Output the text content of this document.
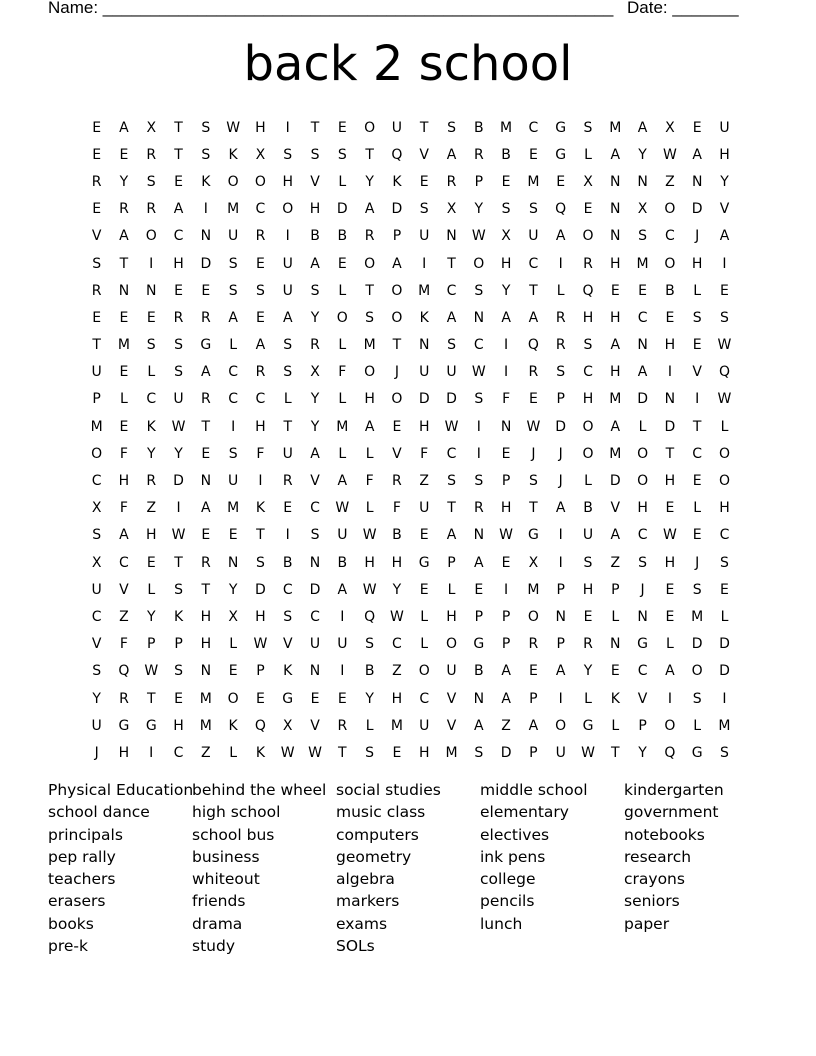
Name: ______________________________________________________ Date: _______
back 2 school
E	A	X	T	S	W	H	I	T	E	O	U	T	S	B	M	C	G	S	M	A	X	E	U
E	E	R	T	S	K	X	S	S	S	T	Q	V	A	R	B	E	G	L	A	Y	W	A	H
R	Y	S	E	K	O	O	H	V	L	Y	K	E	R	P	E	M	E	X	N	N	Z	N	Y
E	R	R	A	I	M	C	O	H	D	A	D	S	X	Y	S	S	Q	E	N	X	O	D	V
V	A	O	C	N	U	R	I	B	B	R	P	U	N	W	X	U	A	O	N	S	C	J	A
S	T	I	H	D	S	E	U	A	E	O	A	I	T	O	H	C	I	R	H	M	O	H	I
R	N	N	E	E	S	S	U	S	L	T	O	M	C	S	Y	T	L	Q	E	E	B	L	E
E	E	E	R	R	A	E	A	Y	O	S	O	K	A	N	A	A	R	H	H	C	E	S	S
T	M	S	S	G	L	A	S	R	L	M	T	N	S	C	I	Q	R	S	A	N	H	E	W
U	E	L	S	A	C	R	S	X	F	O	J	U	U	W	I	R	S	C	H	A	I	V	Q
P	L	C	U	R	C	C	L	Y	L	H	O	D	D	S	F	E	P	H	M	D	N	I	W
M	E	K	W	T	I	H	T	Y	M	A	E	H	W	I	N	W	D	O	A	L	D	T	L
O	F	Y	Y	E	S	F	U	A	L	L	V	F	C	I	E	J	J	O	M	O	T	C	O
C	H	R	D	N	U	I	R	V	A	F	R	Z	S	S	P	S	J	L	D	O	H	E	O
X	F	Z	I	A	M	K	E	C	W	L	F	U	T	R	H	T	A	B	V	H	E	L	H
S	A	H	W	E	E	T	I	S	U	W	B	E	A	N	W	G	I	U	A	C	W	E	C
X	C	E	T	R	N	S	B	N	B	H	H	G	P	A	E	X	I	S	Z	S	H	J	S
U	V	L	S	T	Y	D	C	D	A	W	Y	E	L	E	I	M	P	H	P	J	E	S	E
C	Z	Y	K	H	X	H	S	C	I	Q	W	L	H	P	P	O	N	E	L	N	E	M	L
V	F	P	P	H	L	W	V	U	U	S	C	L	O	G	P	R	P	R	N	G	L	D	D
S	Q	W	S	N	E	P	K	N	I	B	Z	O	U	B	A	E	A	Y	E	C	A	O	D
Y	R	T	E	M	O	E	G	E	E	Y	H	C	V	N	A	P	I	L	K	V	I	S	I
U	G	G	H	M	K	Q	X	V	R	L	M	U	V	A	Z	A	O	G	L	P	O	L	M
J	H	I	C	Z	L	K	W W	T	S	E	H	M	S	D	P	U	W	T	Y	Q	G	S
Physical Education
school dance
principals
pep rally
teachers
erasers
books
pre-k
behind the wheel
high school
school bus
business
whiteout
friends
drama
study
social studies
music class
computers
geometry
algebra
markers
exams
SOLs
middle school
elementary
electives
ink pens
college
pencils
lunch
kindergarten
government
notebooks
research
crayons
seniors
paper
